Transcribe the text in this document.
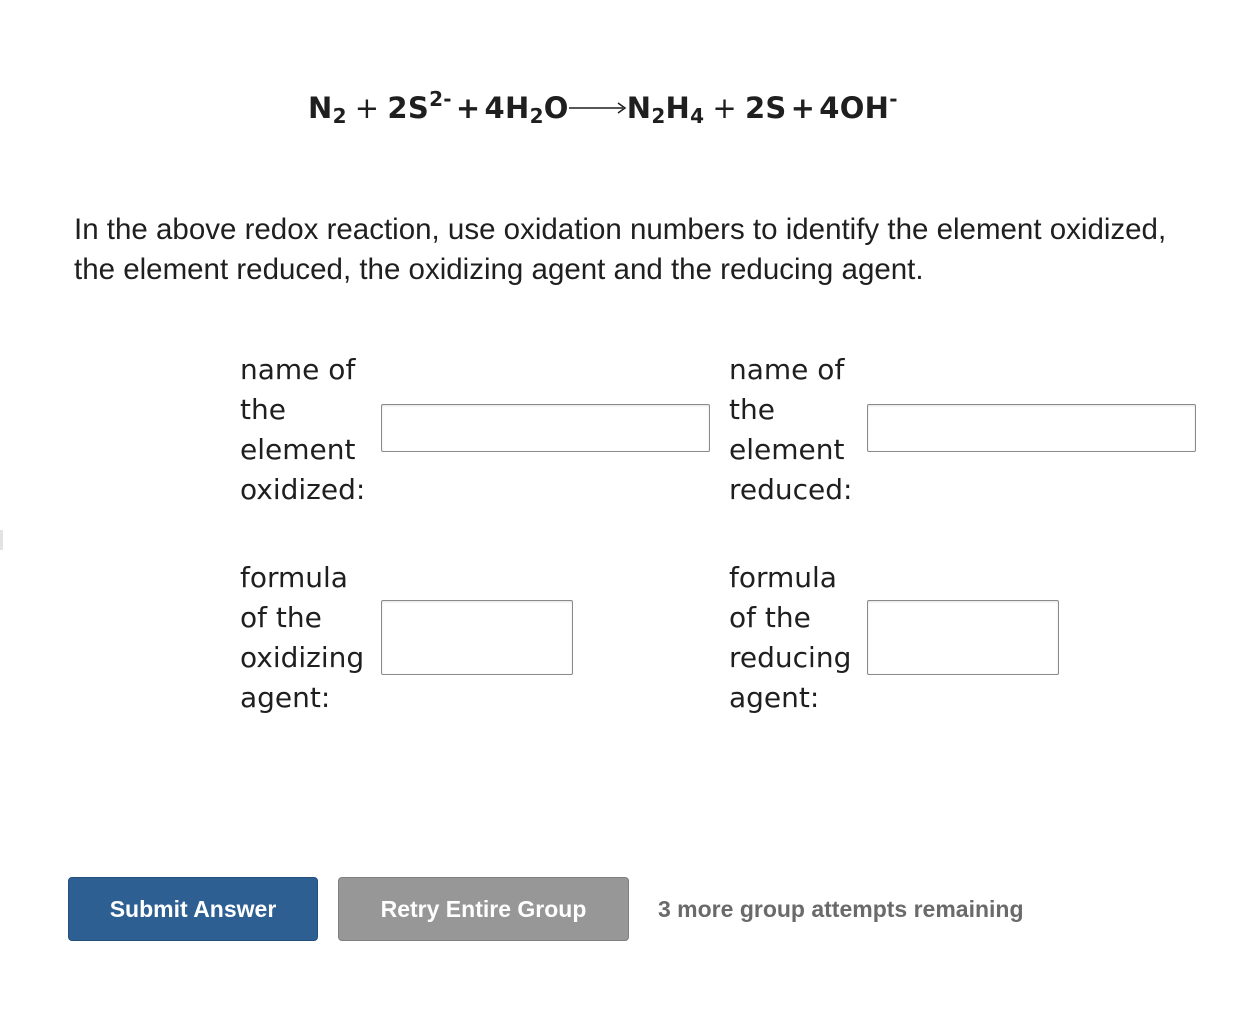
$N_2 + 2S^{2-} + 4H_2O\to N_2H_4 + 2S + 4OH^-$
In the above redox reaction, use oxidation numbers to identify the element oxidized, the element reduced, the oxidizing agent and the reducing agent.
name of
the
element
oxidized:
name of
the
element
reduced:
formula
of the
oxidizing
agent:
formula
of the
reducing
agent:
Submit Answer	Retry Entire Group	3 more group attempts remaining
